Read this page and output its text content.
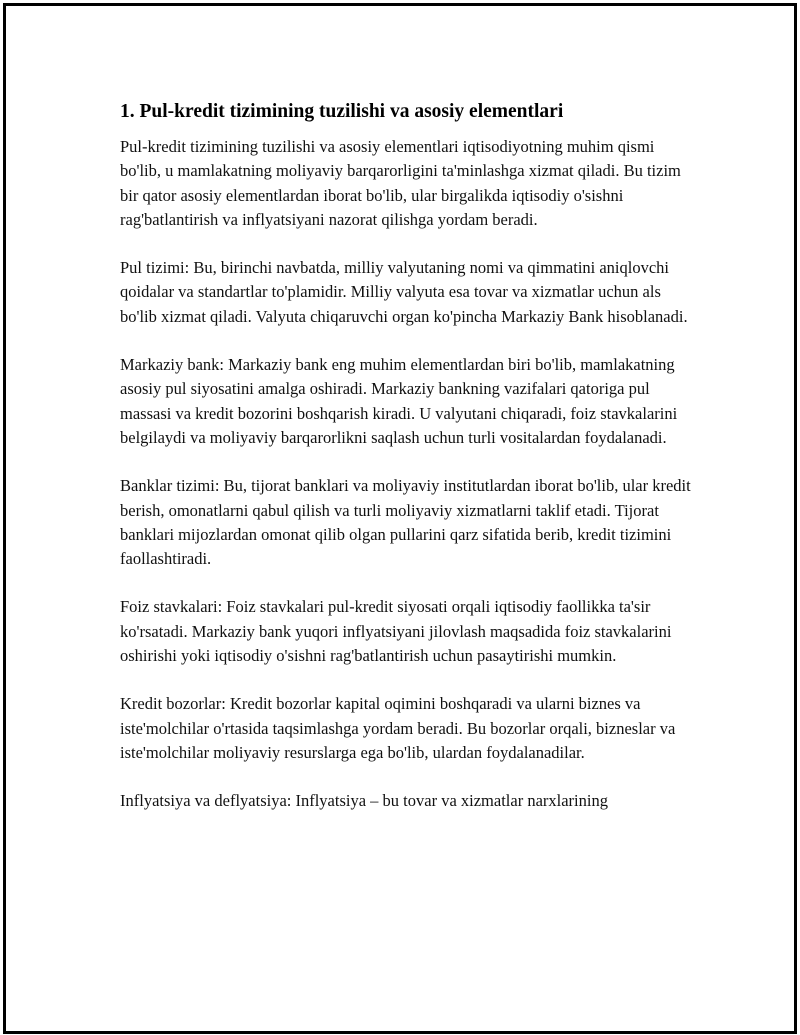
1. Pul-kredit tizimining tuzilishi va asosiy elementlari

Pul-kredit tizimining tuzilishi va asosiy elementlari iqtisodiyotning muhim qismi bo'lib, u mamlakatning moliyaviy barqarorligini ta'minlashga xizmat qiladi. Bu tizim bir qator asosiy elementlardan iborat bo'lib, ular birgalikda iqtisodiy o'sishni rag'batlantirish va inflyatsiyani nazorat qilishga yordam beradi.

Pul tizimi: Bu, birinchi navbatda, milliy valyutaning nomi va qimmatini aniqlovchi qoidalar va standartlar to'plamidir. Milliy valyuta esa tovar va xizmatlar uchun als bo'lib xizmat qiladi. Valyuta chiqaruvchi organ ko'pincha Markaziy Bank hisoblanadi.

Markaziy bank: Markaziy bank eng muhim elementlardan biri bo'lib, mamlakatning asosiy pul siyosatini amalga oshiradi. Markaziy bankning vazifalari qatoriga pul massasi va kredit bozorini boshqarish kiradi. U valyutani chiqaradi, foiz stavkalarini belgilaydi va moliyaviy barqarorlikni saqlash uchun turli vositalardan foydalanadi.

Banklar tizimi: Bu, tijorat banklari va moliyaviy institutlardan iborat bo'lib, ular kredit berish, omonatlarni qabul qilish va turli moliyaviy xizmatlarni taklif etadi. Tijorat banklari mijozlardan omonat qilib olgan pullarini qarz sifatida berib, kredit tizimini faollashtiradi.

Foiz stavkalari: Foiz stavkalari pul-kredit siyosati orqali iqtisodiy faollikka ta'sir ko'rsatadi. Markaziy bank yuqori inflyatsiyani jilovlash maqsadida foiz stavkalarini oshirishi yoki iqtisodiy o'sishni rag'batlantirish uchun pasaytirishi mumkin.

Kredit bozorlar: Kredit bozorlar kapital oqimini boshqaradi va ularni biznes va iste'molchilar o'rtasida taqsimlashga yordam beradi. Bu bozorlar orqali, bizneslar va iste'molchilar moliyaviy resurslarga ega bo'lib, ulardan foydalanadilar.

Inflyatsiya va deflyatsiya: Inflyatsiya – bu tovar va xizmatlar narxlarining
